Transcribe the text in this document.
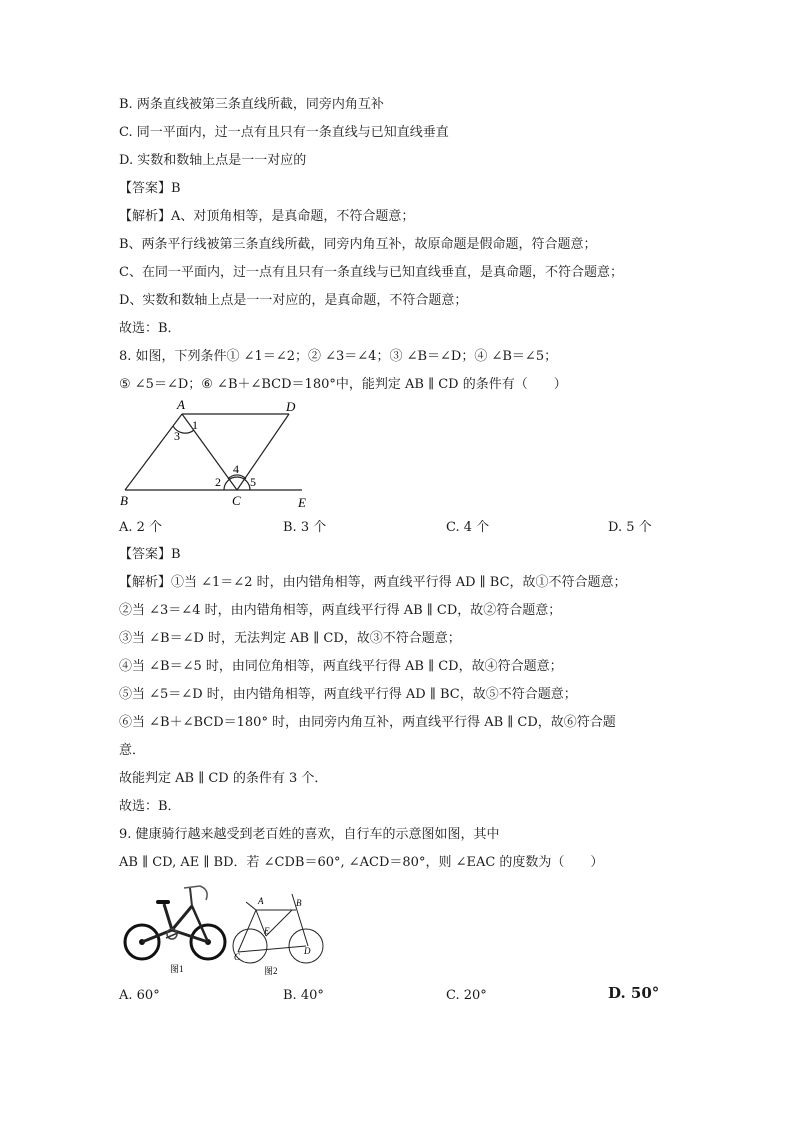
B. 两条直线被第三条直线所截，同旁内角互补
C. 同一平面内，过一点有且只有一条直线与已知直线垂直
D. 实数和数轴上点是一一对应的
【答案】B
【解析】A、对顶角相等，是真命题，不符合题意；
B、两条平行线被第三条直线所截，同旁内角互补，故原命题是假命题，符合题意；
C、在同一平面内，过一点有且只有一条直线与已知直线垂直，是真命题，不符合题意；
D、实数和数轴上点是一一对应的，是真命题，不符合题意；
故选：B．
8. 如图，下列条件① ∠1＝∠2；② ∠3＝∠4；③ ∠B＝∠D；④ ∠B＝∠5；
⑤ ∠5＝∠D；⑥ ∠B＋∠BCD＝180°中，能判定 AB ∥ CD 的条件有（　　）
A	D
1
3
4
2 5
B	C	E
A. 2 个	B. 3 个	C. 4 个	D. 5 个
【答案】B
【解析】①当 ∠1＝∠2 时，由内错角相等，两直线平行得 AD ∥ BC，故①不符合题意；
②当 ∠3＝∠4 时，由内错角相等，两直线平行得 AB ∥ CD，故②符合题意；
③当 ∠B＝∠D 时，无法判定 AB ∥ CD，故③不符合题意；
④当 ∠B＝∠5 时，由同位角相等，两直线平行得 AB ∥ CD，故④符合题意；
⑤当 ∠5＝∠D 时，由内错角相等，两直线平行得 AD ∥ BC，故⑤不符合题意；
⑥当 ∠B＋∠BCD＝180° 时，由同旁内角互补，两直线平行得 AB ∥ CD，故⑥符合题
意．
故能判定 AB ∥ CD 的条件有 3 个．
故选：B．
9. 健康骑行越来越受到老百姓的喜欢，自行车的示意图如图，其中
AB ∥ CD, AE ∥ BD．若 ∠CDB＝60°, ∠ACD＝80°，则 ∠EAC 的度数为（　　）
图1
A	B
E
C
D
图2
A. 60°	B. 40°	C. 20°	D. 50°
